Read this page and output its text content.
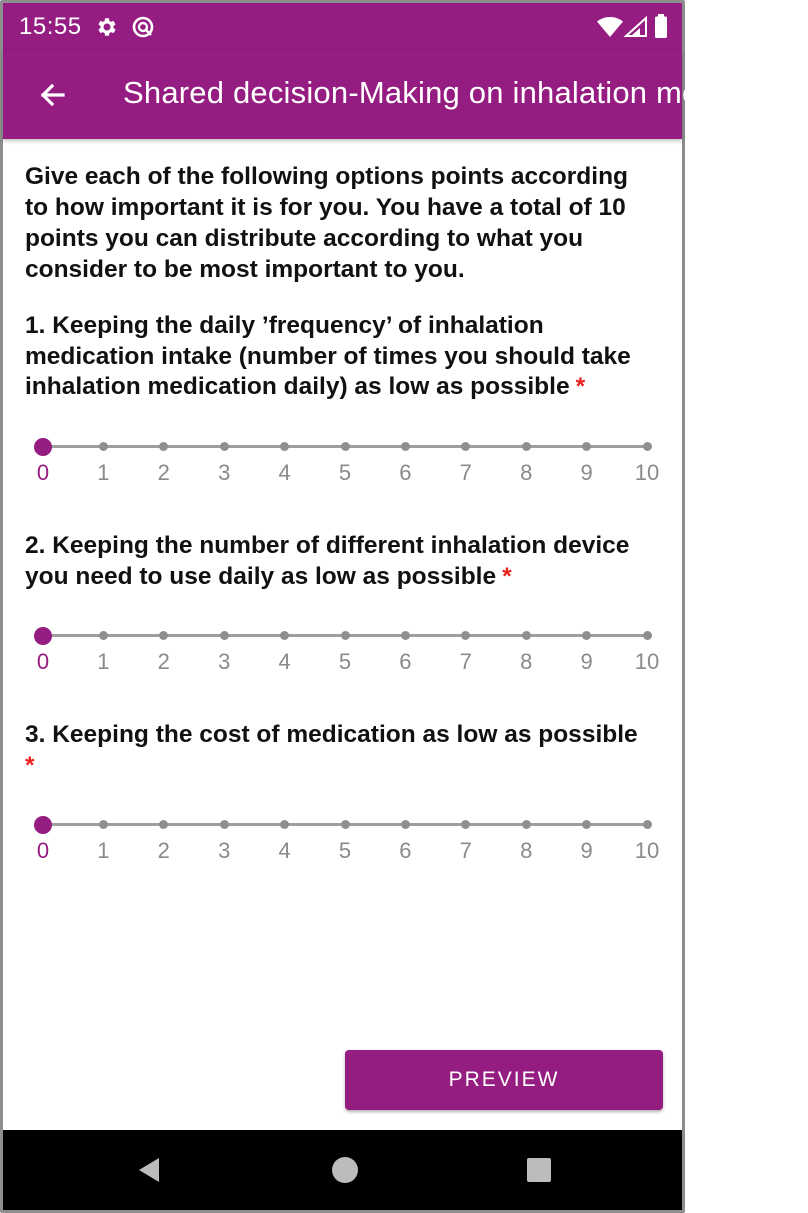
15:55
Shared decision-Making on inhalation medication
Give each of the following options points according to how important it is for you. You have a total of 10 points you can distribute according to what you consider to be most important to you.
1. Keeping the daily ’frequency’ of inhalation medication intake (number of times you should take inhalation medication daily) as low as possible *
0	1	2	3	4	5	6	7	8	9	10
2. Keeping the number of different inhalation device you need to use daily as low as possible *
0	1	2	3	4	5	6	7	8	9	10
3. Keeping the cost of medication as low as possible
*
0	1	2	3	4	5	6	7	8	9	10
PREVIEW
